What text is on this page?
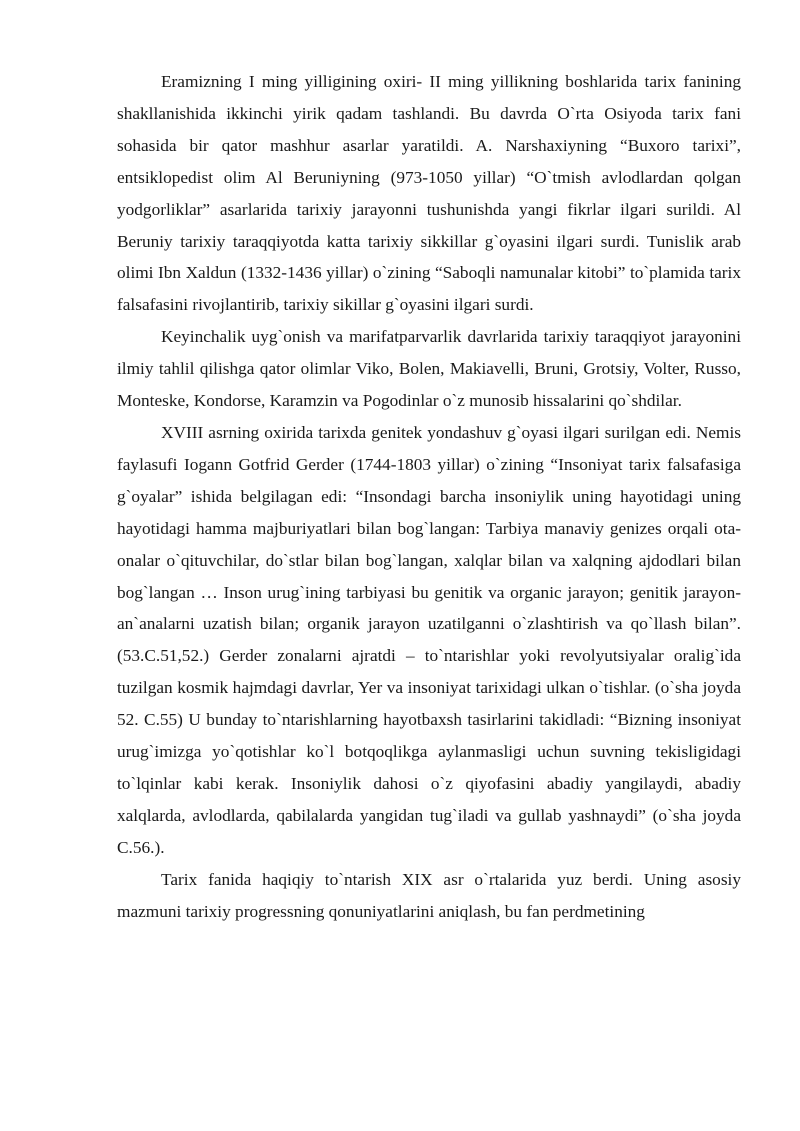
Eramizning I ming yilligining oxiri- II ming yillikning boshlarida tarix fanining shakllanishida ikkinchi yirik qadam tashlandi. Bu davrda O`rta Osiyoda tarix fani sohasida bir qator mashhur asarlar yaratildi. A. Narshaxiyning “Buxoro tarixi”, entsiklopedist olim Al Beruniyning (973-1050 yillar) “O`tmish avlodlardan qolgan yodgorliklar” asarlarida tarixiy jarayonni tushunishda yangi fikrlar ilgari surildi. Al Beruniy tarixiy taraqqiyotda katta tarixiy sikkillar g`oyasini ilgari surdi. Tunislik arab olimi Ibn Xaldun (1332-1436 yillar) o`zining “Saboqli namunalar kitobi” to`plamida tarix falsafasini rivojlantirib, tarixiy sikillar g`oyasini ilgari surdi.

Keyinchalik uyg`onish va marifatparvarlik davrlarida tarixiy taraqqiyot jarayonini ilmiy tahlil qilishga qator olimlar Viko, Bolen, Makiavelli, Bruni, Grotsiy, Volter, Russo, Monteske, Kondorse, Karamzin va Pogodinlar o`z munosib hissalarini qo`shdilar.

XVIII asrning oxirida tarixda genitek yondashuv g`oyasi ilgari surilgan edi. Nemis faylasufi Iogann Gotfrid Gerder (1744-1803 yillar) o`zining “Insoniyat tarix falsafasiga g`oyalar” ishida belgilagan edi: “Insondagi barcha insoniylik uning hayotidagi uning hayotidagi hamma majburiyatlari bilan bog`langan: Tarbiya manaviy genizes orqali ota-onalar o`qituvchilar, do`stlar bilan bog`langan, xalqlar bilan va xalqning ajdodlari bilan bog`langan … Inson urug`ining tarbiyasi bu genitik va organic jarayon; genitik jarayon- an`analarni uzatish bilan; organik jarayon uzatilganni o`zlashtirish va qo`llash bilan”. (53.C.51,52.) Gerder zonalarni ajratdi – to`ntarishlar yoki revolyutsiyalar oralig`ida tuzilgan kosmik hajmdagi davrlar, Yer va insoniyat tarixidagi ulkan o`tishlar. (o`sha joyda 52. C.55) U bunday to`ntarishlarning hayotbaxsh tasirlarini takidladi: “Bizning insoniyat urug`imizga yo`qotishlar ko`l botqoqlikga aylanmasligi uchun suvning tekisligidagi to`lqinlar kabi kerak. Insoniylik dahosi o`z qiyofasini abadiy yangilaydi, abadiy xalqlarda, avlodlarda, qabilalarda yangidan tug`iladi va gullab yashnaydi” (o`sha joyda C.56.).

Tarix fanida haqiqiy to`ntarish XIX asr o`rtalarida yuz berdi. Uning asosiy mazmuni tarixiy progressning qonuniyatlarini aniqlash, bu fan perdmetining
